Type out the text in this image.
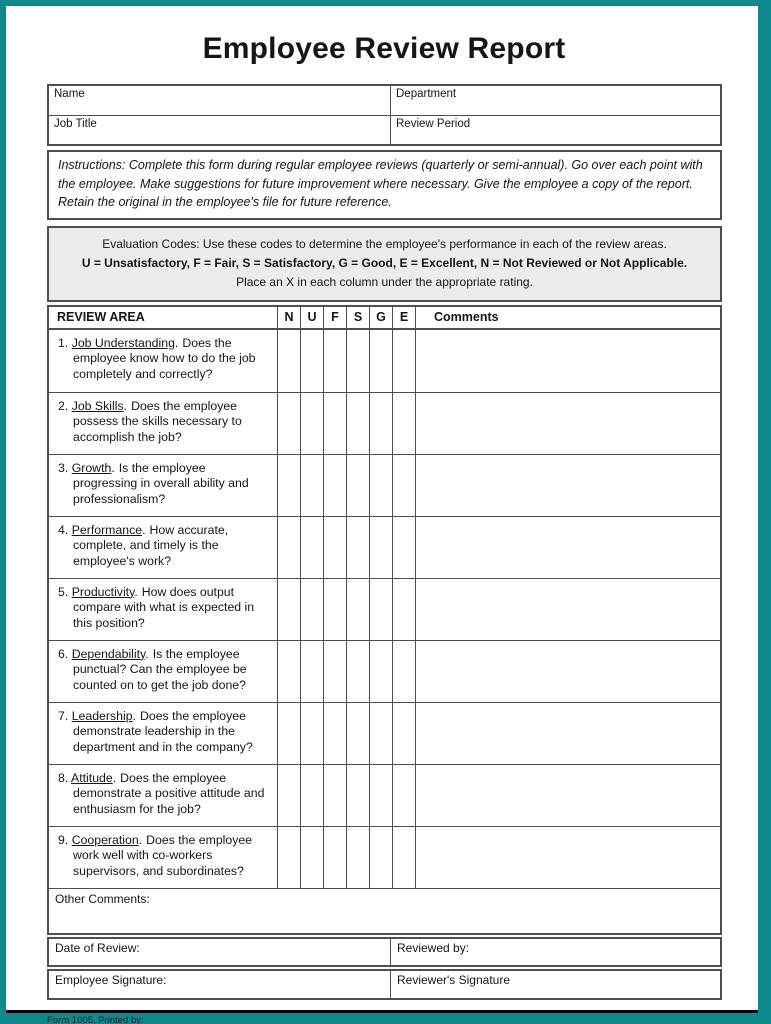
Employee Review Report
Name	Department
Job Title	Review Period
Instructions: Complete this form during regular employee reviews (quarterly or semi-annual). Go over each point with the employee. Make suggestions for future improvement where necessary. Give the employee a copy of the report. Retain the original in the employee's file for future reference.
Evaluation Codes: Use these codes to determine the employee's performance in each of the review areas.
U = Unsatisfactory, F = Fair, S = Satisfactory, G = Good, E = Excellent, N = Not Reviewed or Not Applicable.
Place an X in each column under the appropriate rating.
REVIEW AREA	N	U	F	S	G	E	Comments
1. Job Understanding. Does the employee know how to do the job completely and correctly?
2. Job Skills. Does the employee possess the skills necessary to accomplish the job?
3. Growth. Is the employee progressing in overall ability and professionalism?
4. Performance. How accurate, complete, and timely is the employee's work?
5. Productivity. How does output compare with what is expected in this position?
6. Dependability. Is the employee punctual? Can the employee be counted on to get the job done?
7. Leadership. Does the employee demonstrate leadership in the department and in the company?
8. Attitude. Does the employee demonstrate a positive attitude and enthusiasm for the job?
9. Cooperation. Does the employee work well with co-workers supervisors, and subordinates?
Other Comments:
Date of Review:	Reviewed by:
Employee Signature:	Reviewer's Signature
Form 1005, Printed by:
